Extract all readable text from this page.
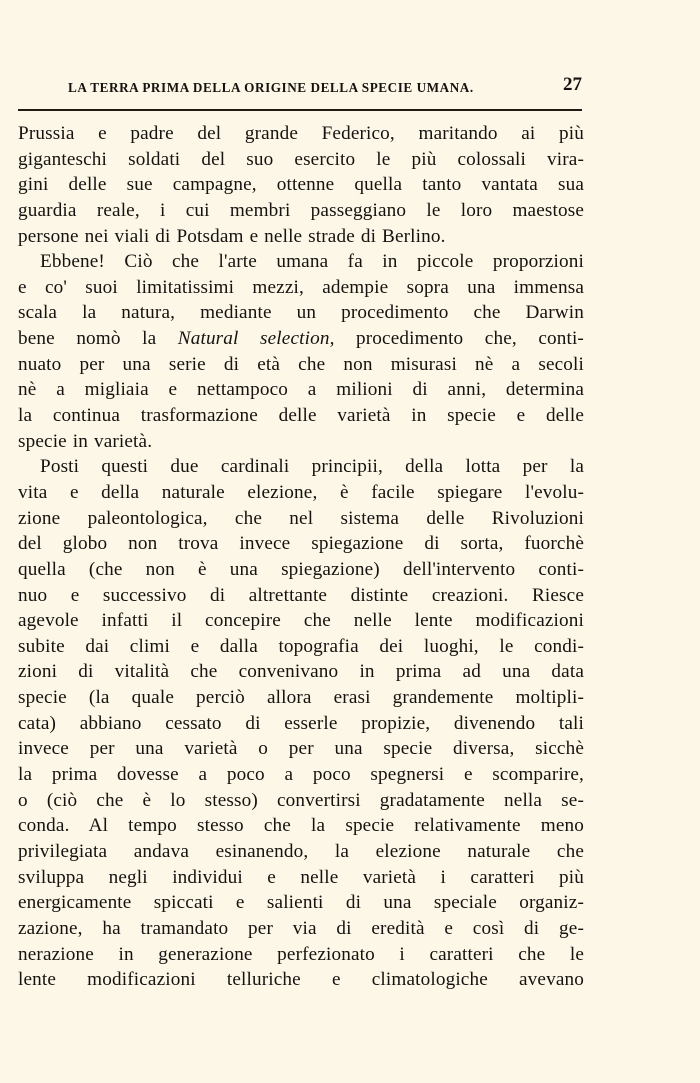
LA TERRA PRIMA DELLA ORIGINE DELLA SPECIE UMANA.	27
Prussia e padre del grande Federico, maritando ai più
giganteschi soldati del suo esercito le più colossali vira-
gini delle sue campagne, ottenne quella tanto vantata sua
guardia reale, i cui membri passeggiano le loro maestose
persone nei viali di Potsdam e nelle strade di Berlino.
Ebbene! Ciò che l'arte umana fa in piccole proporzioni
e co' suoi limitatissimi mezzi, adempie sopra una immensa
scala la natura, mediante un procedimento che Darwin
bene nomò la Natural selection, procedimento che, conti-
nuato per una serie di età che non misurasi nè a secoli
nè a migliaia e nettampoco a milioni di anni, determina
la continua trasformazione delle varietà in specie e delle
specie in varietà.
Posti questi due cardinali principii, della lotta per la
vita e della naturale elezione, è facile spiegare l'evolu-
zione paleontologica, che nel sistema delle Rivoluzioni
del globo non trova invece spiegazione di sorta, fuorchè
quella (che non è una spiegazione) dell'intervento conti-
nuo e successivo di altrettante distinte creazioni. Riesce
agevole infatti il concepire che nelle lente modificazioni
subite dai climi e dalla topografia dei luoghi, le condi-
zioni di vitalità che convenivano in prima ad una data
specie (la quale perciò allora erasi grandemente moltipli-
cata) abbiano cessato di esserle propizie, divenendo tali
invece per una varietà o per una specie diversa, sicchè
la prima dovesse a poco a poco spegnersi e scomparire,
o (ciò che è lo stesso) convertirsi gradatamente nella se-
conda. Al tempo stesso che la specie relativamente meno
privilegiata andava esinanendo, la elezione naturale che
sviluppa negli individui e nelle varietà i caratteri più
energicamente spiccati e salienti di una speciale organiz-
zazione, ha tramandato per via di eredità e così di ge-
nerazione in generazione perfezionato i caratteri che le
lente modificazioni telluriche e climatologiche avevano
